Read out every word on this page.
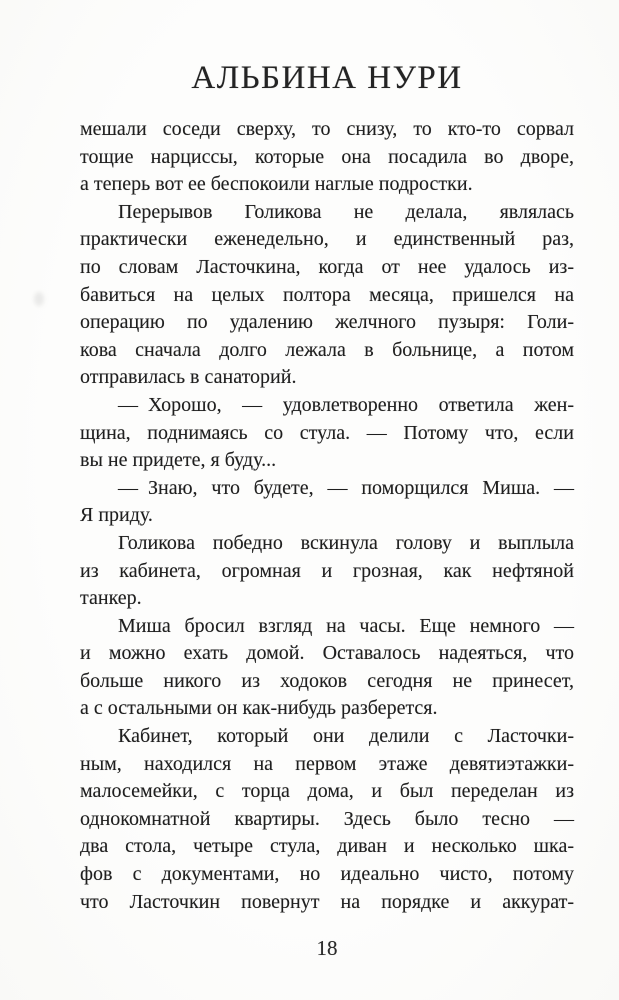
АЛЬБИНА НУРИ
мешали соседи сверху, то снизу, то кто-то сорвал
тощие нарциссы, которые она посадила во дворе,
а теперь вот ее беспокоили наглые подростки.
Перерывов Голикова не делала, являлась
практически еженедельно, и единственный раз,
по словам Ласточкина, когда от нее удалось из-
бавиться на целых полтора месяца, пришелся на
операцию по удалению желчного пузыря: Голи-
кова сначала долго лежала в больнице, а потом
отправилась в санаторий.
— Хорошо, — удовлетворенно ответила жен-
щина, поднимаясь со стула. — Потому что, если
вы не придете, я буду...
— Знаю, что будете, — поморщился Миша. —
Я приду.
Голикова победно вскинула голову и выплыла
из кабинета, огромная и грозная, как нефтяной
танкер.
Миша бросил взгляд на часы. Еще немного —
и можно ехать домой. Оставалось надеяться, что
больше никого из ходоков сегодня не принесет,
а с остальными он как-нибудь разберется.
Кабинет, который они делили с Ласточки-
ным, находился на первом этаже девятиэтажки-
малосемейки, с торца дома, и был переделан из
однокомнатной квартиры. Здесь было тесно —
два стола, четыре стула, диван и несколько шка-
фов с документами, но идеально чисто, потому
что Ласточкин повернут на порядке и аккурат-
18
